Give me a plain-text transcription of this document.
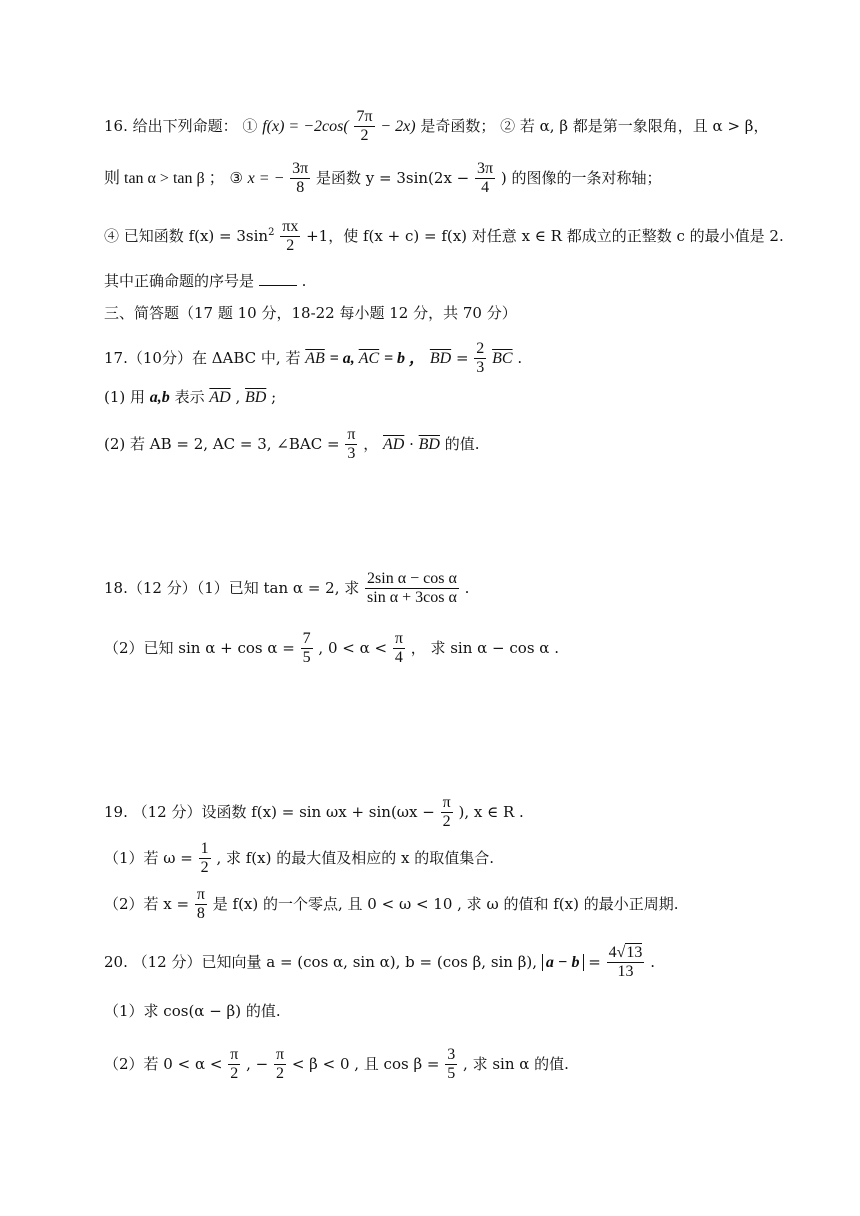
16. 给出下列命题： ① $f(x) = -2\cos( \frac{7\pi}{2} - 2x)$ 是奇函数； ② 若 α, β 都是第一象限角，且 α > β，
则 tan α > tan β ； ③ x = − $\frac{3\pi}{8}$ 是函数 $y = 3\sin(2x - \frac{3\pi}{4}$ ) 的图像的一条对称轴；
④ 已知函数 $f(x) = 3\sin^2 \frac{\pi x}{2} +1$，使 f(x + c) = f(x) 对任意 x ∈ R 都成立的正整数 c 的最小值是 2.
其中正确命题的序号是	.
三、简答题（17 题 10 分，18-22 每小题 12 分，共 70 分）
17.（10分）在 ΔABC 中, 若 $\overline{AB} = a$, $\overline{AC} = b$ ， $\overline{BD} = \frac{2}{3} \overline{BC}$ .
(1) 用 a,b 表示 $\overline{AD}$ , $\overline{BD}$ ;
(2) 若 AB = 2, AC = 3, ∠BAC = $\frac{\pi}{3}$ ， $\overline{AD} \cdot \overline{BD}$ 的值.
18.（12 分）（1）已知 tan α = 2, 求 $\frac{\text{2sin α − cos α}}{\text{sin α + 3cos α}}$ .
（2）已知 $\sin \alpha + \cos \alpha = \frac{7}{5}$ , $0 < \alpha < \frac{\pi}{4}$ ， 求 sin α − cos α .
19. （12 分）设函数 $f(x) = \sin \omega x + \sin(\omega x - \frac{\pi}{2}$ ), x ∈ R .
（1）若 $\omega = \frac{1}{2}$ , 求 f(x) 的最大值及相应的 x 的取值集合.
（2）若 $x = \frac{\pi}{8}$ 是 f(x) 的一个零点, 且 0 < ω < 10 , 求 ω 的值和 f(x) 的最小正周期.
20. （12 分）已知向量 a = (cos α, sin α), b = (cos β, sin β), $a - b = \frac{4√13}{13}$ .
（1）求 cos(α − β) 的值.
（2）若 $0 < \alpha < \frac{\pi}{2}$ , − $\frac{\pi}{2} < \beta < 0$ , 且 $\cos \beta = \frac{3}{5}$ , 求 sin α 的值.
